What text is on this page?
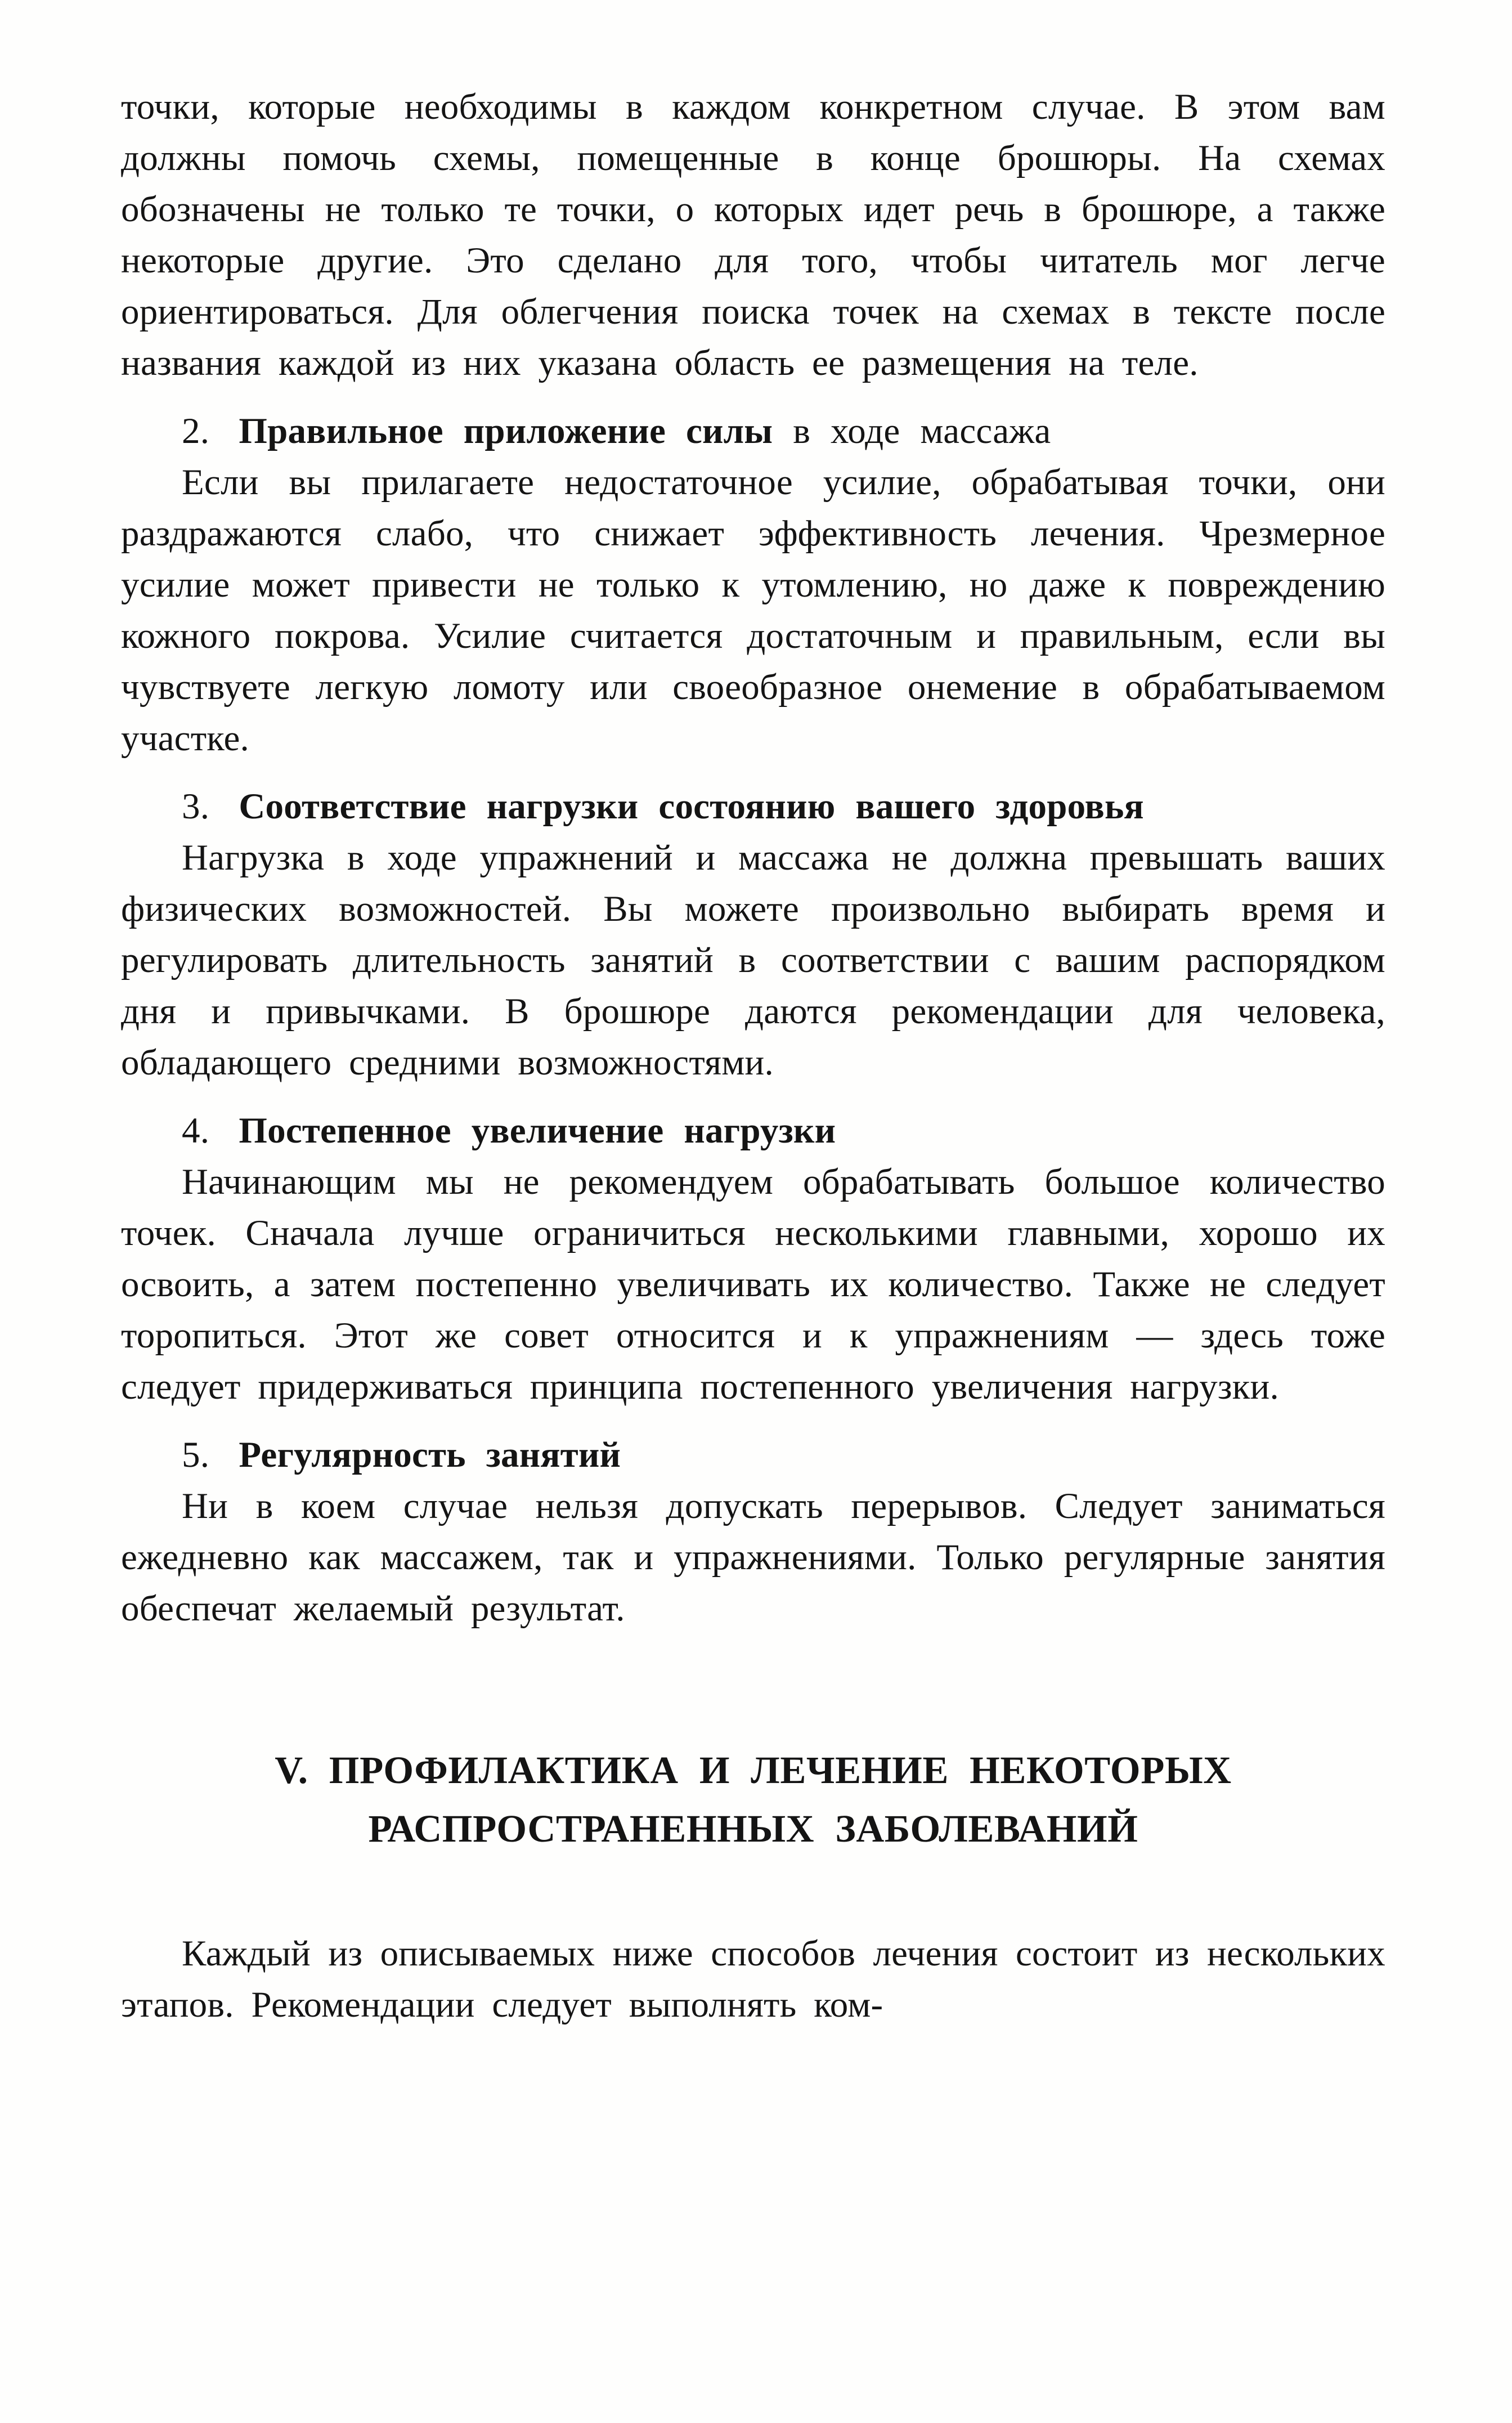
точки, которые необходимы в каждом конкретном случае. В этом вам должны помочь схемы, помещенные в конце брошюры. На схемах обозначены не только те точки, о которых идет речь в брошюре, а также некоторые другие. Это сделано для того, чтобы читатель мог легче ориентироваться. Для облегчения поиска точек на схемах в тексте после названия каждой из них указана область ее размещения на теле.

2. Правильное приложение силы в ходе массажа

Если вы прилагаете недостаточное усилие, обрабатывая точки, они раздражаются слабо, что снижает эффективность лечения. Чрезмерное усилие может привести не только к утомлению, но даже к повреждению кожного покрова. Усилие считается достаточным и правильным, если вы чувствуете легкую ломоту или своеобразное онемение в обрабатываемом участке.

3. Соответствие нагрузки состоянию вашего здоровья

Нагрузка в ходе упражнений и массажа не должна превышать ваших физических возможностей. Вы можете произвольно выбирать время и регулировать длительность занятий в соответствии с вашим распорядком дня и привычками. В брошюре даются рекомендации для человека, обладающего средними возможностями.

4. Постепенное увеличение нагрузки

Начинающим мы не рекомендуем обрабатывать большое количество точек. Сначала лучше ограничиться несколькими главными, хорошо их освоить, а затем постепенно увеличивать их количество. Также не следует торопиться. Этот же совет относится и к упражнениям — здесь тоже следует придерживаться принципа постепенного увеличения нагрузки.

5. Регулярность занятий

Ни в коем случае нельзя допускать перерывов. Следует заниматься ежедневно как массажем, так и упражнениями. Только регулярные занятия обеспечат желаемый результат.

V. ПРОФИЛАКТИКА И ЛЕЧЕНИЕ НЕКОТОРЫХ
РАСПРОСТРАНЕННЫХ ЗАБОЛЕВАНИЙ

Каждый из описываемых ниже способов лечения состоит из нескольких этапов. Рекомендации следует выполнять ком-
